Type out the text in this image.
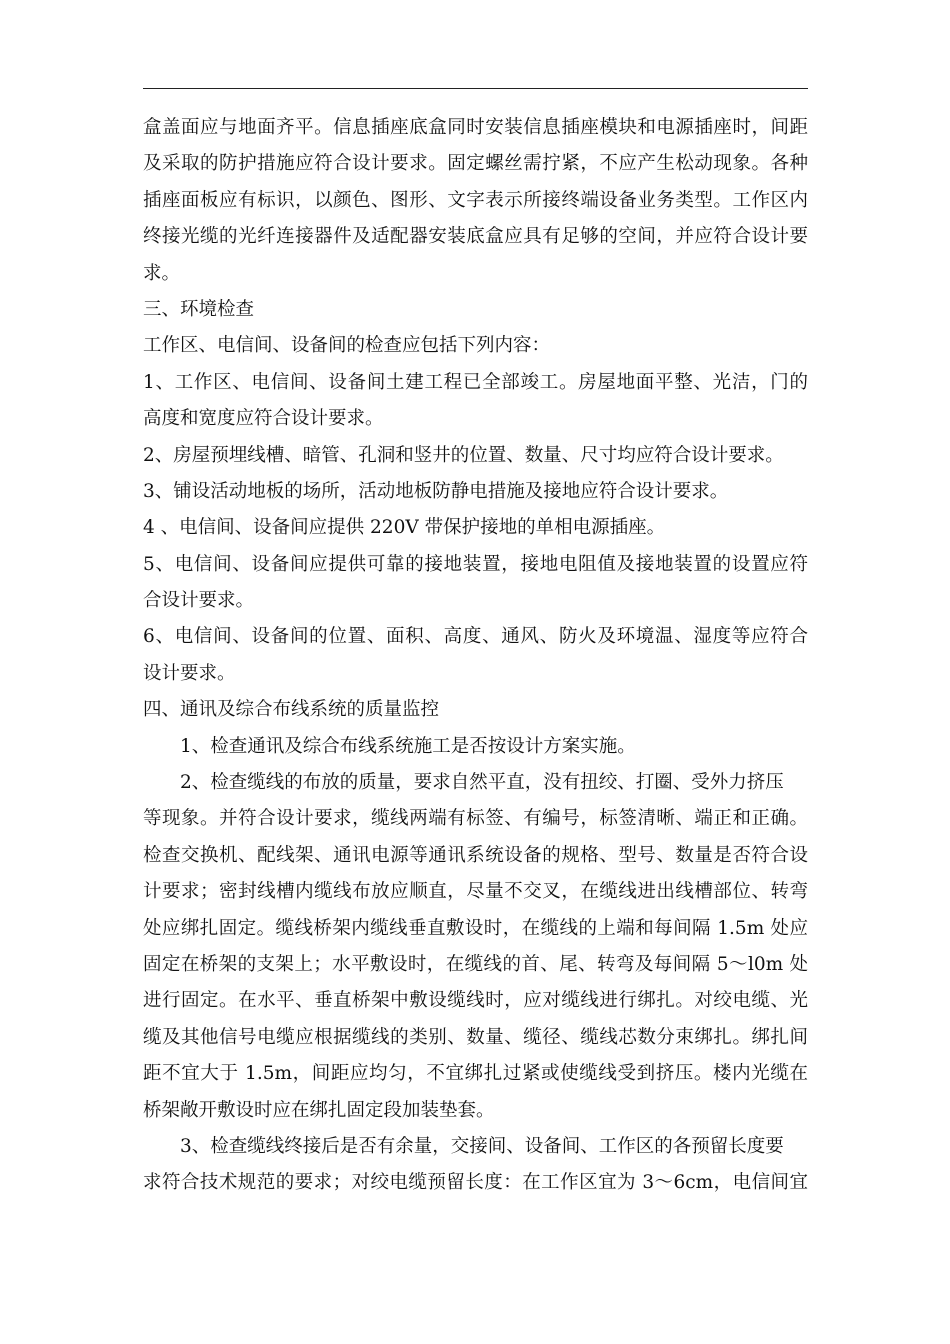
盒盖面应与地面齐平。信息插座底盒同时安装信息插座模块和电源插座时，间距
及采取的防护措施应符合设计要求。固定螺丝需拧紧，不应产生松动现象。各种
插座面板应有标识，以颜色、图形、文字表示所接终端设备业务类型。工作区内
终接光缆的光纤连接器件及适配器安装底盒应具有足够的空间，并应符合设计要
求。
三、环境检查
工作区、电信间、设备间的检查应包括下列内容：
1、工作区、电信间、设备间土建工程已全部竣工。房屋地面平整、光洁，门的
高度和宽度应符合设计要求。
2、房屋预埋线槽、暗管、孔洞和竖井的位置、数量、尺寸均应符合设计要求。
3、铺设活动地板的场所，活动地板防静电措施及接地应符合设计要求。
4 、电信间、设备间应提供 220V 带保护接地的单相电源插座。
5、电信间、设备间应提供可靠的接地装置，接地电阻值及接地装置的设置应符
合设计要求。
6、电信间、设备间的位置、面积、高度、通风、防火及环境温、湿度等应符合
设计要求。
四、通讯及综合布线系统的质量监控
1、检查通讯及综合布线系统施工是否按设计方案实施。
2、检查缆线的布放的质量，要求自然平直，没有扭绞、打圈、受外力挤压
等现象。并符合设计要求，缆线两端有标签、有编号，标签清晰、端正和正确。
检查交换机、配线架、通讯电源等通讯系统设备的规格、型号、数量是否符合设
计要求；密封线槽内缆线布放应顺直，尽量不交叉，在缆线进出线槽部位、转弯
处应绑扎固定。缆线桥架内缆线垂直敷设时，在缆线的上端和每间隔 1.5m 处应
固定在桥架的支架上；水平敷设时，在缆线的首、尾、转弯及每间隔 5～l0m 处
进行固定。在水平、垂直桥架中敷设缆线时，应对缆线进行绑扎。对绞电缆、光
缆及其他信号电缆应根据缆线的类别、数量、缆径、缆线芯数分束绑扎。绑扎间
距不宜大于 1.5m，间距应均匀，不宜绑扎过紧或使缆线受到挤压。楼内光缆在
桥架敞开敷设时应在绑扎固定段加装垫套。
3、检查缆线终接后是否有余量，交接间、设备间、工作区的各预留长度要
求符合技术规范的要求；对绞电缆预留长度：在工作区宜为 3～6cm，电信间宜
